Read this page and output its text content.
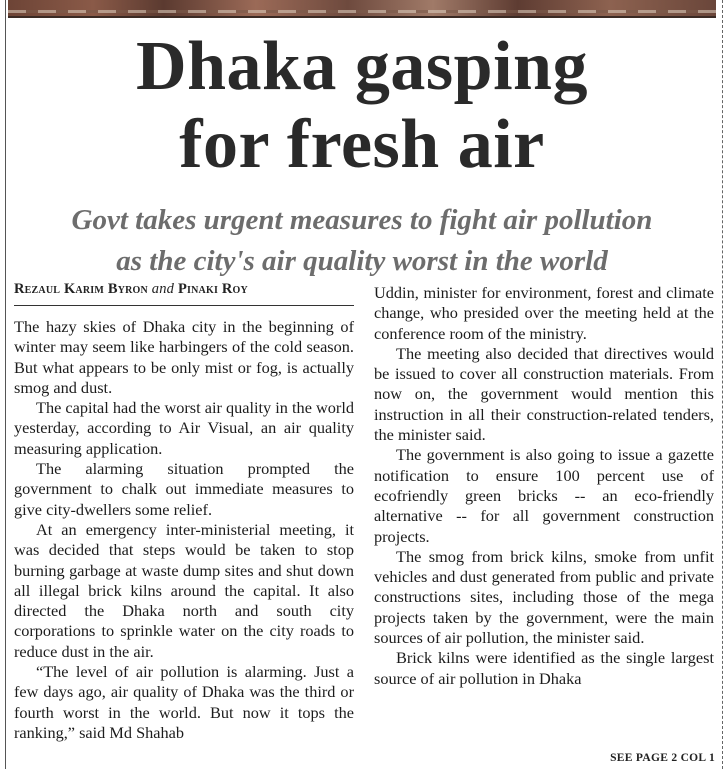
Dhaka gasping
for fresh air
Govt takes urgent measures to fight air pollution
as the city's air quality worst in the world
Rezaul Karim Byron and Pinaki Roy

The hazy skies of Dhaka city in the beginning of winter may seem like harbingers of the cold season. But what appears to be only mist or fog, is actually smog and dust.

The capital had the worst air quality in the world yesterday, according to Air Visual, an air quality measuring application.

The alarming situation prompted the government to chalk out immediate measures to give city-dwellers some relief.

At an emergency inter-ministerial meeting, it was decided that steps would be taken to stop burning garbage at waste dump sites and shut down all illegal brick kilns around the capital. It also directed the Dhaka north and south city corporations to sprinkle water on the city roads to reduce dust in the air.

“The level of air pollution is alarming. Just a few days ago, air quality of Dhaka was the third or fourth worst in the world. But now it tops the ranking,” said Md Shahab

Uddin, minister for environment, forest and climate change, who presided over the meeting held at the conference room of the ministry.

The meeting also decided that directives would be issued to cover all construction materials. From now on, the government would mention this instruction in all their construction-related tenders, the minister said.

The government is also going to issue a gazette notification to ensure 100 percent use of ecofriendly green bricks -- an eco-friendly alternative -- for all government construction projects.

The smog from brick kilns, smoke from unfit vehicles and dust generated from public and private constructions sites, including those of the mega projects taken by the government, were the main sources of air pollution, the minister said.

Brick kilns were identified as the single largest source of air pollution in Dhaka

SEE PAGE 2 COL 1
